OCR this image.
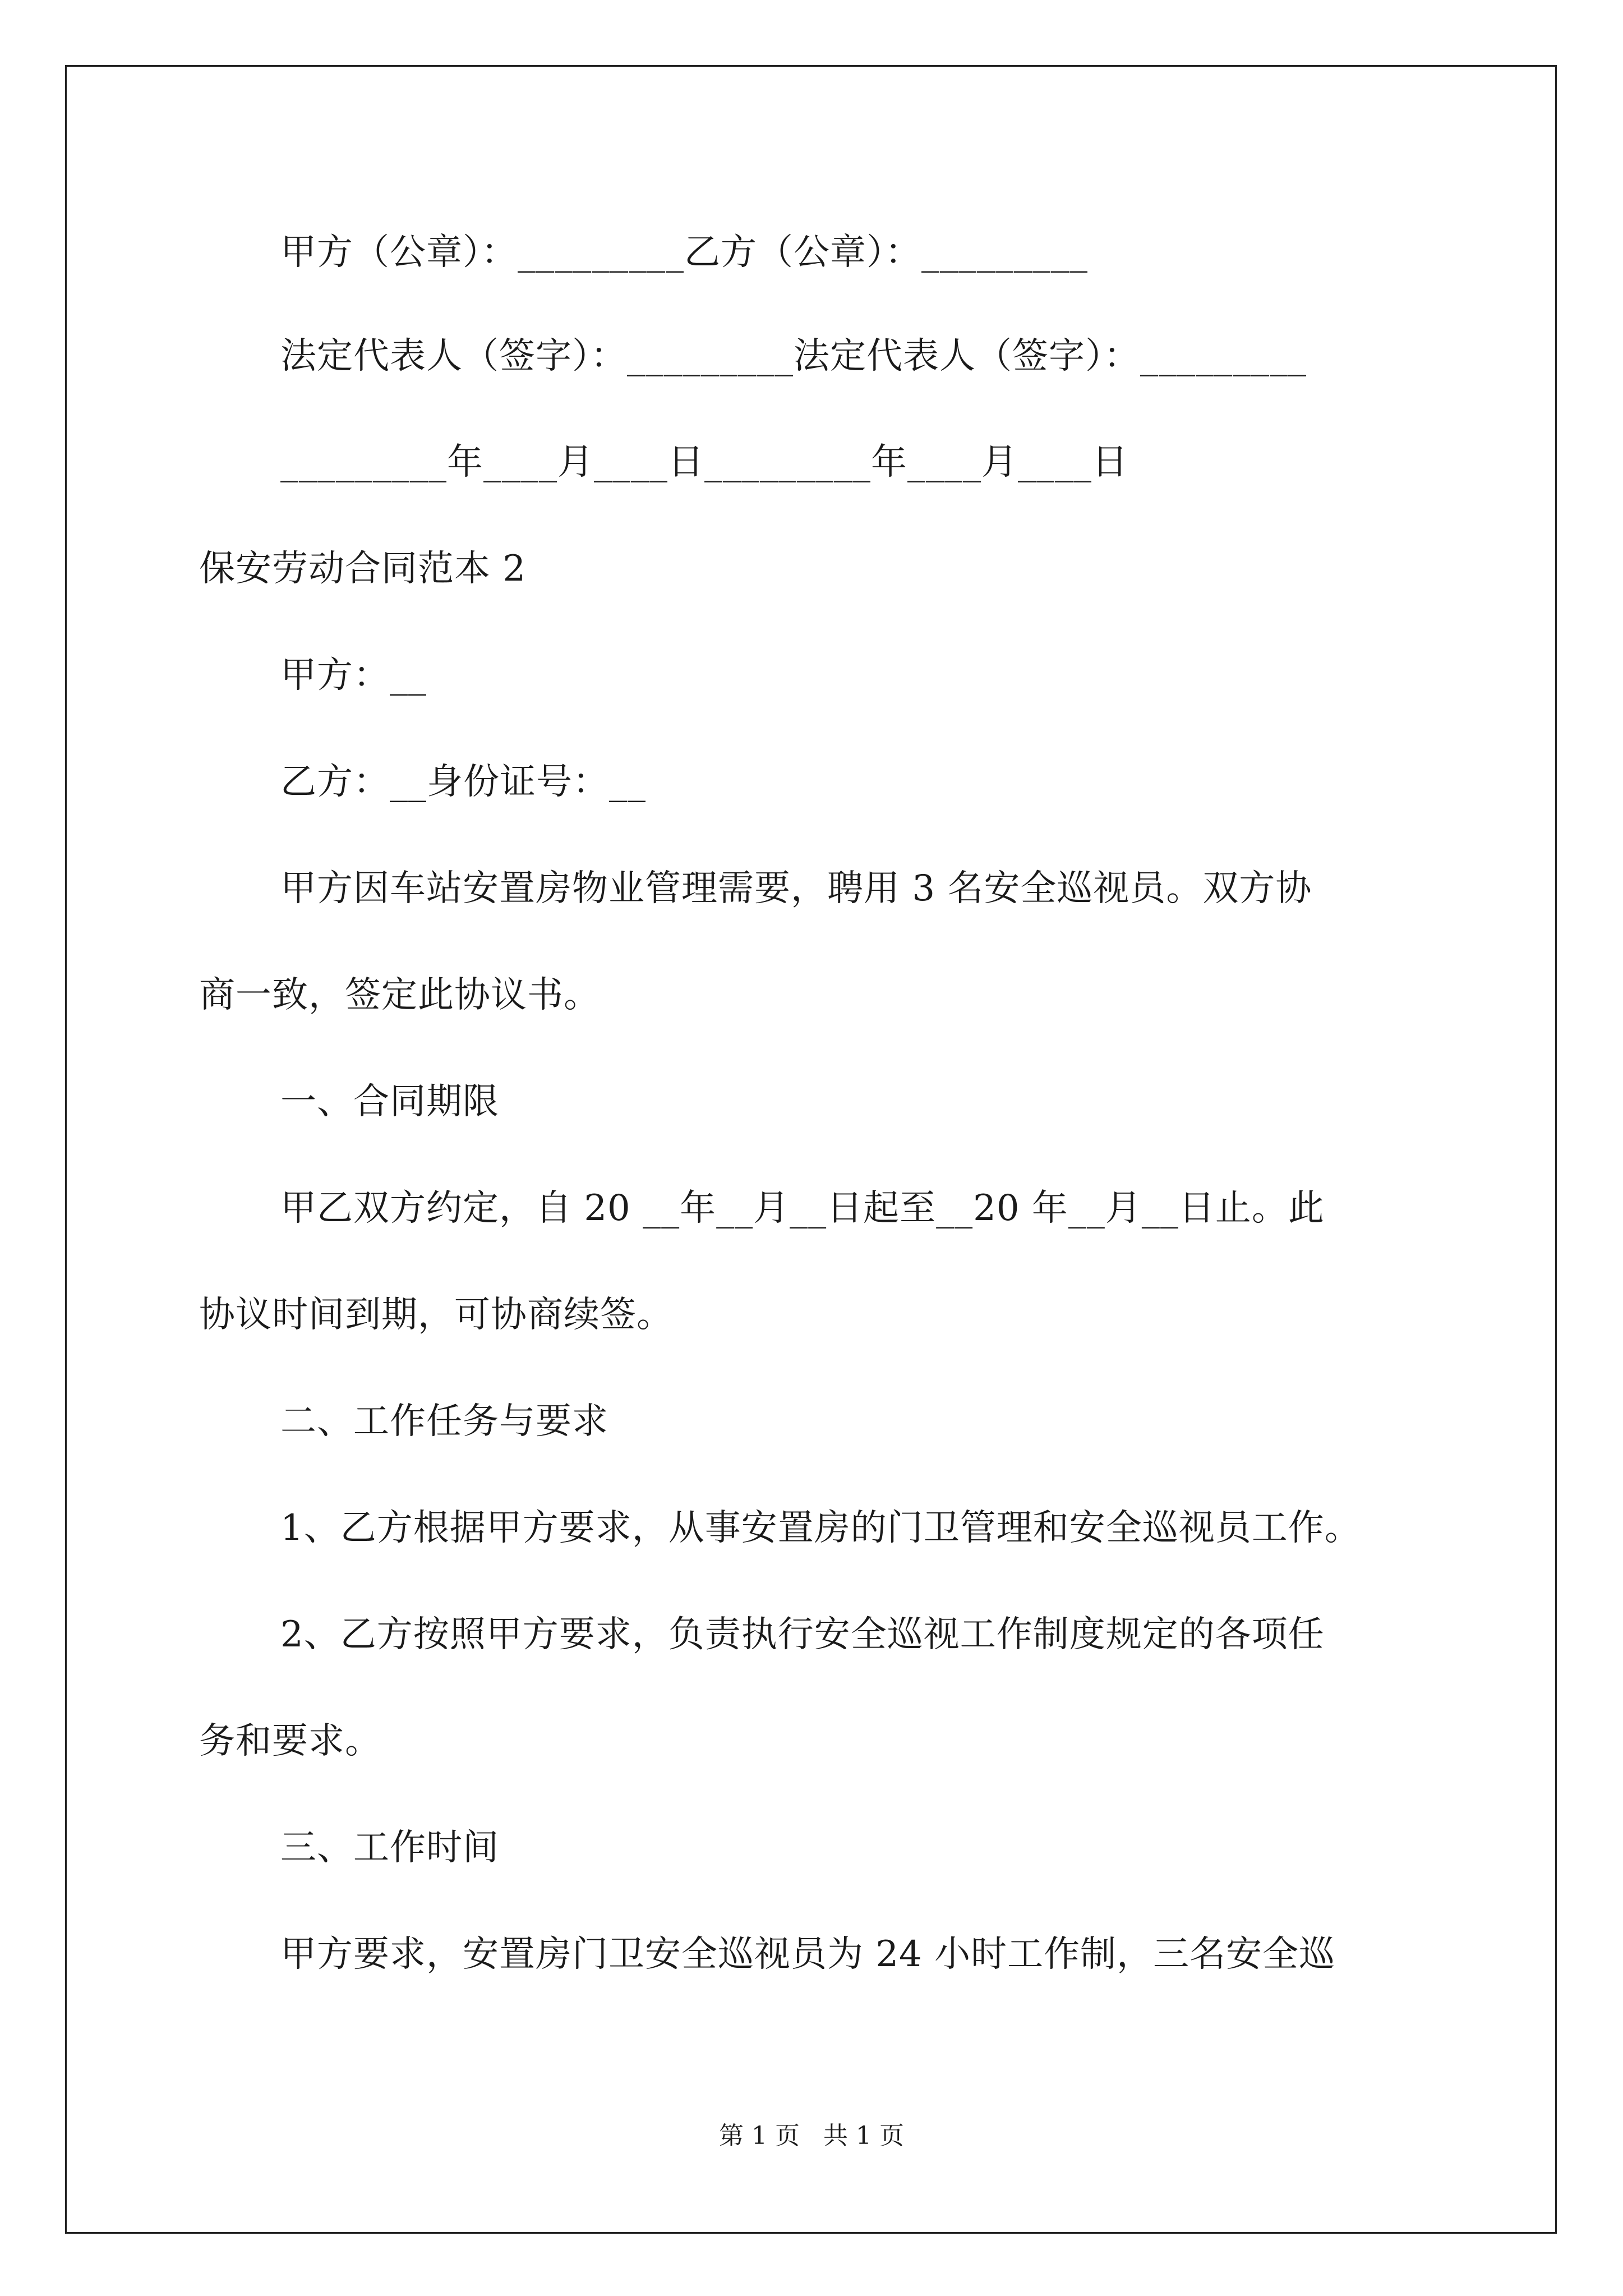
甲方（公章）：_________乙方（公章）：_________

法定代表人（签字）：_________法定代表人（签字）：_________

_________年____月____日_________年____月____日

保安劳动合同范本 2

甲方：__

乙方：__身份证号：__

甲方因车站安置房物业管理需要，聘用 3 名安全巡视员。双方协

商一致，签定此协议书。

一、合同期限

甲乙双方约定，自 20 __年__月__日起至__20 年__月__日止。此

协议时间到期，可协商续签。

二、工作任务与要求

1、乙方根据甲方要求，从事安置房的门卫管理和安全巡视员工作。

2、乙方按照甲方要求，负责执行安全巡视工作制度规定的各项任

务和要求。

三、工作时间

甲方要求，安置房门卫安全巡视员为 24 小时工作制，三名安全巡

第 1 页   共 1 页
